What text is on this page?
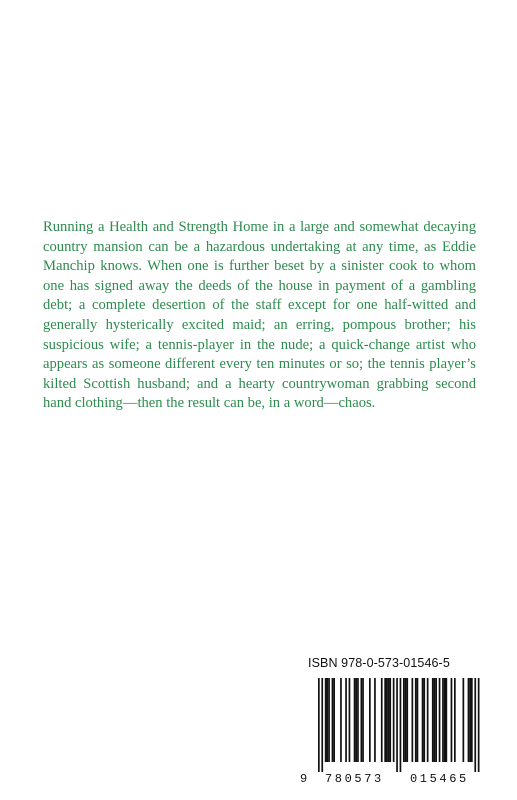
Running a Health and Strength Home in a large and somewhat decaying country mansion can be a hazardous undertaking at any time, as Eddie Manchip knows. When one is further beset by a sinister cook to whom one has signed away the deeds of the house in payment of a gambling debt; a complete desertion of the staff except for one half-witted and generally hysterically excited maid; an erring, pompous brother; his suspicious wife; a tennis-player in the nude; a quick-change artist who appears as someone different every ten minutes or so; the tennis player’s kilted Scottish husband; and a hearty countrywoman grabbing second hand clothing—then the result can be, in a word—chaos.

ISBN 978-0-573-01546-5
9 780573 015465
